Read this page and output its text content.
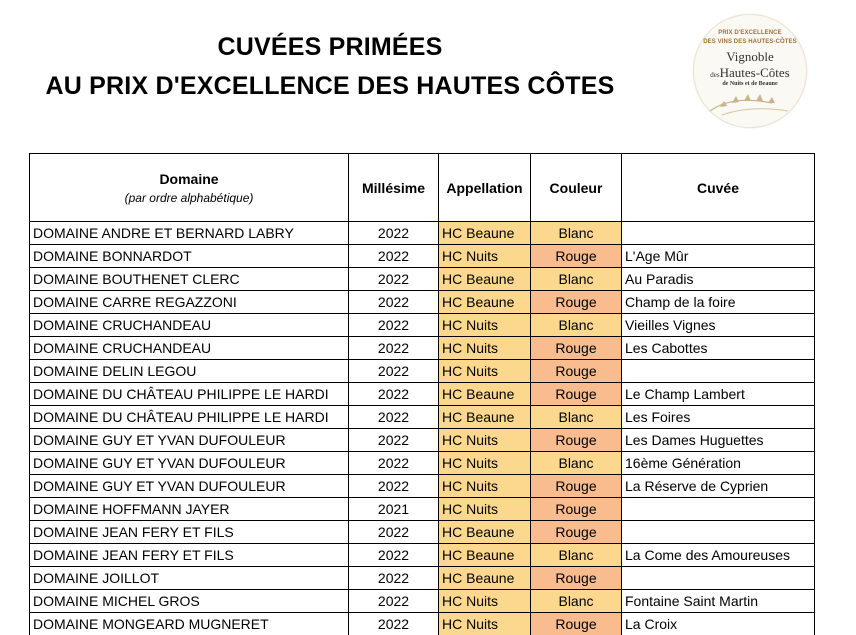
CUVÉES PRIMÉES
AU PRIX D'EXCELLENCE DES HAUTES CÔTES
PRIX D'EXCELLENCE
DES VINS DES HAUTES-CÔTES
Vignoble
desHautes-Côtes
de Nuits et de Beaune
Domaine
(par ordre alphabétique)	Millésime	Appellation	Couleur	Cuvée
DOMAINE ANDRE ET BERNARD LABRY	2022	HC Beaune	Blanc	
DOMAINE BONNARDOT	2022	HC Nuits	Rouge	L'Age Mûr
DOMAINE BOUTHENET CLERC	2022	HC Beaune	Blanc	Au Paradis
DOMAINE CARRE REGAZZONI	2022	HC Beaune	Rouge	Champ de la foire
DOMAINE CRUCHANDEAU	2022	HC Nuits	Blanc	Vieilles Vignes
DOMAINE CRUCHANDEAU	2022	HC Nuits	Rouge	Les Cabottes
DOMAINE DELIN LEGOU	2022	HC Nuits	Rouge	
DOMAINE DU CHÂTEAU PHILIPPE LE HARDI	2022	HC Beaune	Rouge	Le Champ Lambert
DOMAINE DU CHÂTEAU PHILIPPE LE HARDI	2022	HC Beaune	Blanc	Les Foires
DOMAINE GUY ET YVAN DUFOULEUR	2022	HC Nuits	Rouge	Les Dames Huguettes
DOMAINE GUY ET YVAN DUFOULEUR	2022	HC Nuits	Blanc	16ème Génération
DOMAINE GUY ET YVAN DUFOULEUR	2022	HC Nuits	Rouge	La Réserve de Cyprien
DOMAINE HOFFMANN JAYER	2021	HC Nuits	Rouge	
DOMAINE JEAN FERY ET FILS	2022	HC Beaune	Rouge	
DOMAINE JEAN FERY ET FILS	2022	HC Beaune	Blanc	La Come des Amoureuses
DOMAINE JOILLOT	2022	HC Beaune	Rouge	
DOMAINE MICHEL GROS	2022	HC Nuits	Blanc	Fontaine Saint Martin
DOMAINE MONGEARD MUGNERET	2022	HC Nuits	Rouge	La Croix
